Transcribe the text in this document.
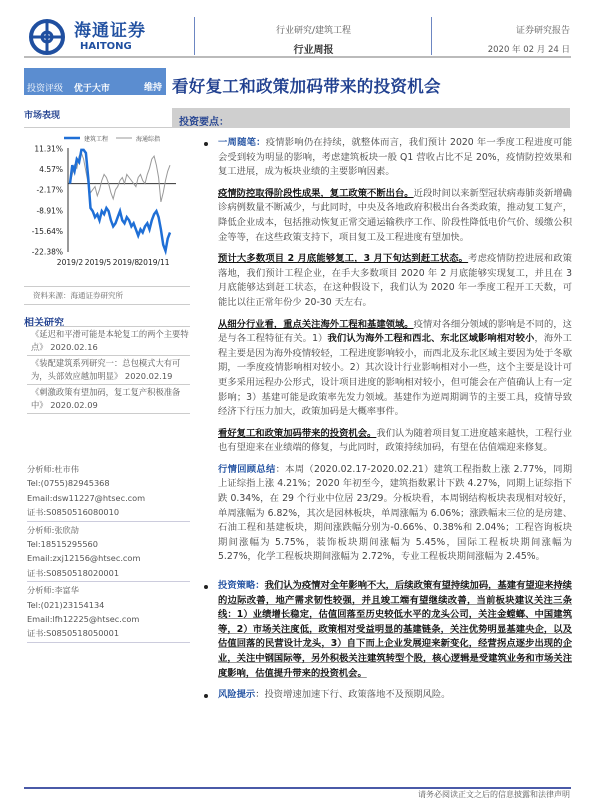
海通证券
HAITONG
行业研究/建筑工程
行业周报
证券研究报告
2020 年 02 月 24 日
投资评级 优于大市	维持 看好复工和政策加码带来的投资机会
市场表现
建筑工程	海通综指
11.31%
4.57%
-2.17%
-8.91%
-15.64%
-22.38%
2019/2 2019/5 2019/8 2019/11
资料来源：海通证券研究所
相关研究
《延迟和平滑可能是本轮复工的两个主要特点》 2020.02.16
《装配建筑系列研究一：总包模式大有可为，头部效应越加明显》 2020.02.19
《刺激政策有望加码，复工复产积极准备中》 2020.02.09
分析师:杜市伟
Tel:(0755)82945368
Email:dsw11227@htsec.com
证书:S0850516080010
分析师:张欣劼
Tel:18515295560
Email:zxj12156@htsec.com
证书:S0850518020001
分析师:李富华
Tel:(021)23154134
Email:lfh12225@htsec.com
证书:S0850518050001
投资要点：

一周随笔：疫情影响仍在持续，就整体而言，我们预计 2020 年一季度工程进度可能会受到较为明显的影响，考虑建筑板块一般 Q1 营收占比不足 20%，疫情防控效果和复工进展，成为板块业绩的主要影响因素。

疫情防控取得阶段性成果，复工政策不断出台。近段时间以来新型冠状病毒肺炎新增确诊病例数量不断减少，与此同时，中央及各地政府积极出台各类政策，推动复工复产，降低企业成本，包括推动恢复正常交通运输秩序工作、阶段性降低电价气价、缓缴公积金等等，在这些政策支持下，项目复工及工程进度有望加快。

预计大多数项目 2 月底能够复工，3 月下旬达到赶工状态。考虑疫情防控进展和政策落地，我们预计工程企业，在手大多数项目 2020 年 2 月底能够实现复工，并且在 3 月底能够达到赶工状态，在这种假设下，我们认为 2020 年一季度工程开工天数，可能比以往正常年份少 20-30 天左右。

从细分行业看，重点关注海外工程和基建领域。疫情对各细分领域的影响是不同的，这是与各工程特征有关。1）我们认为海外工程和西北、东北区域影响相对较小，海外工程主要是因为海外疫情较轻，工程进度影响较小，而西北及东北区域主要因为处于冬歇期，一季度疫情影响相对较小。2）其次设计行业影响相对小一些，这个主要是设计可更多采用远程办公形式，设计项目进度的影响相对较小，但可能会在产值确认上有一定影响；3）基建可能是政策率先发力领域。基建作为逆周期调节的主要工具，疫情导致经济下行压力加大，政策加码是大概率事件。

看好复工和政策加码带来的投资机会。我们认为随着项目复工进度越来越快，工程行业也有望迎来在业绩端的修复，与此同时，政策持续加码，有望在估值端迎来修复。

行情回顾总结：本周（2020.02.17-2020.02.21）建筑工程指数上涨 2.77%，同期上证综指上涨 4.21%；2020 年初至今，建筑指数累计下跌 4.27%，同期上证综指下跌 0.34%，在 29 个行业中位居 23/29。分板块看，本周钢结构板块表现相对较好，单周涨幅为 6.82%，其次是园林板块，单周涨幅为 6.06%；涨跌幅末三位的是房建、石油工程和基建板块，期间涨跌幅分别为-0.66%、0.38%和 2.04%；工程咨询板块期间涨幅为 5.75%，装饰板块期间涨幅为 5.45%，国际工程板块期间涨幅为 5.27%，化学工程板块期间涨幅为 2.72%，专业工程板块期间涨幅为 2.45%。

投资策略：我们认为疫情对全年影响不大，后续政策有望持续加码，基建有望迎来持续的边际改善，地产需求韧性较强，并且竣工端有望继续改善，当前板块建议关注三条线：1）业绩增长稳定，估值回落至历史较低水平的龙头公司，关注金螳螂、中国建筑等，2）市场关注度低，政策相对受益明显的基建链条，关注优势明显基建央企，以及估值回落的民营设计龙头，3）自下而上企业发展迎来新变化，经营拐点逐步出现的企业，关注中钢国际等，另外积极关注建筑转型个股，核心逻辑是受建筑业务和市场关注度影响，估值提升带来的投资机会。

风险提示：投资增速加速下行、政策落地不及预期风险。

请务必阅读正文之后的信息披露和法律声明
